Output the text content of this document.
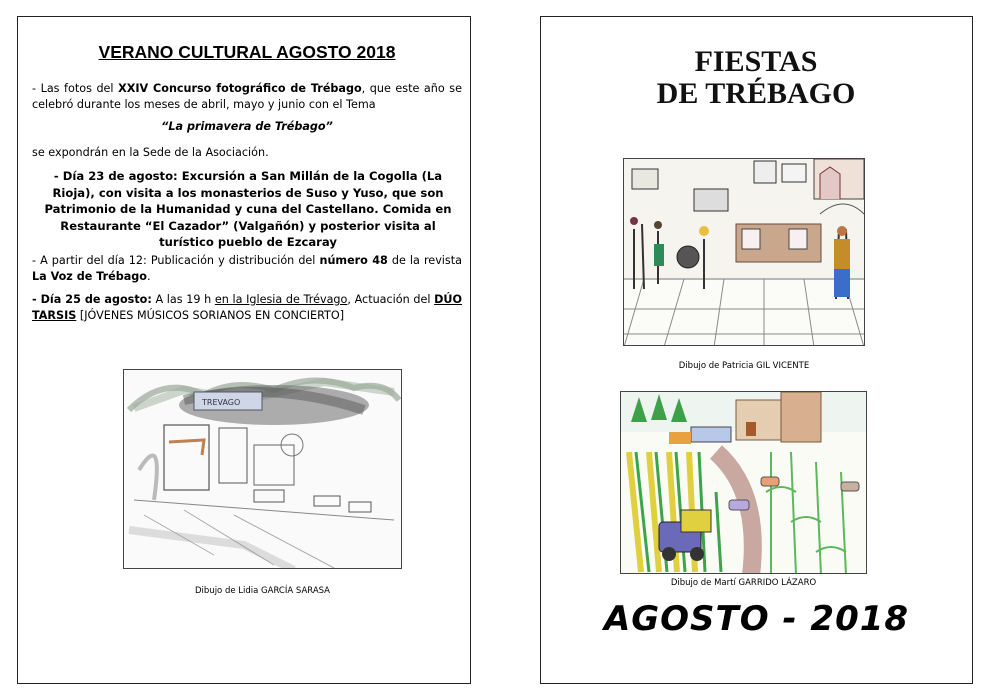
VERANO CULTURAL AGOSTO 2018
- Las fotos del XXIV Concurso fotográfico de Trébago, que este año se celebró durante los meses de abril, mayo y junio con el Tema
“La primavera de Trébago”
se expondrán en la Sede de la Asociación.
- Día 23 de agosto: Excursión a San Millán de la Cogolla (La Rioja), con visita a los monasterios de Suso y Yuso, que son Patrimonio de la Humanidad y cuna del Castellano. Comida en Restaurante “El Cazador” (Valgañón) y posterior visita al turístico pueblo de Ezcaray
- A partir del día 12: Publicación y distribución del número 48 de la revista La Voz de Trébago.
- Día 25 de agosto: A las 19 h en la Iglesia de Trévago, Actuación del DÚO TARSIS [JÓVENES MÚSICOS SORIANOS EN CONCIERTO]
TREVAGO
Dibujo de Lidia GARCÍA SARASA
FIESTAS
DE TRÉBAGO
Dibujo de Patricia GIL VICENTE
Dibujo de Martí GARRIDO LÁZARO
AGOSTO - 2018
